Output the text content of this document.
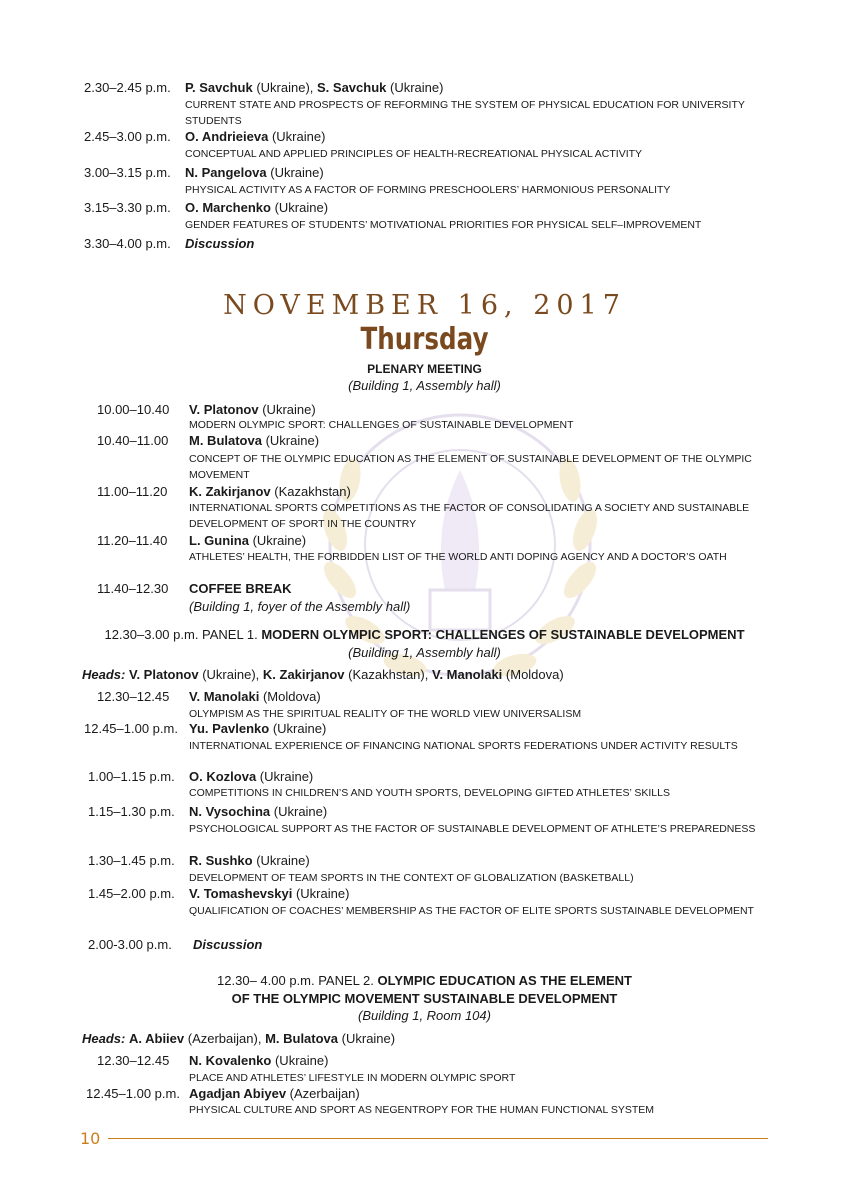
2.30–2.45 p.m. P. Savchuk (Ukraine), S. Savchuk (Ukraine)
CURRENT STATE AND PROSPECTS OF REFORMING THE SYSTEM OF PHYSICAL EDUCATION FOR UNIVERSITY STUDENTS
2.45–3.00 p.m. O. Andrieieva (Ukraine)
CONCEPTUAL AND APPLIED PRINCIPLES OF HEALTH-RECREATIONAL PHYSICAL ACTIVITY
3.00–3.15 p.m. N. Pangelova (Ukraine)
PHYSICAL ACTIVITY AS A FACTOR OF FORMING PRESCHOOLERS’ HARMONIOUS PERSONALITY
3.15–3.30 p.m. O. Marchenko (Ukraine)
GENDER FEATURES OF STUDENTS’ MOTIVATIONAL PRIORITIES FOR PHYSICAL SELF–IMPROVEMENT
3.30–4.00 p.m. Discussion
NOVEMBER 16, 2017
Thursday
PLENARY MEETING
(Building 1, Assembly hall)
10.00–10.40 V. Platonov (Ukraine)
MODERN OLYMPIC SPORT: CHALLENGES OF SUSTAINABLE DEVELOPMENT
10.40–11.00 M. Bulatova (Ukraine)
CONCEPT OF THE OLYMPIC EDUCATION AS THE ELEMENT OF SUSTAINABLE DEVELOPMENT OF THE OLYMPIC MOVEMENT
11.00–11.20 K. Zakirjanov (Kazakhstan)
INTERNATIONAL SPORTS COMPETITIONS AS THE FACTOR OF CONSOLIDATING A SOCIETY AND SUSTAINABLE DEVELOPMENT OF SPORT IN THE COUNTRY
11.20–11.40 L. Gunina (Ukraine)
ATHLETES’ HEALTH, THE FORBIDDEN LIST OF THE WORLD ANTI DOPING AGENCY AND A DOCTOR’S OATH
11.40–12.30 COFFEE BREAK
(Building 1, foyer of the Assembly hall)
12.30–3.00 p.m. PANEL 1. MODERN OLYMPIC SPORT: CHALLENGES OF SUSTAINABLE DEVELOPMENT
(Building 1, Assembly hall)
Heads: V. Platonov (Ukraine), K. Zakirjanov (Kazakhstan), V. Manolaki (Moldova)
12.30–12.45 V. Manolaki (Moldova)
OLYMPISM AS THE SPIRITUAL REALITY OF THE WORLD VIEW UNIVERSALISM
12.45–1.00 p.m. Yu. Pavlenko (Ukraine)
INTERNATIONAL EXPERIENCE OF FINANCING NATIONAL SPORTS FEDERATIONS UNDER ACTIVITY RESULTS
1.00–1.15 p.m. O. Kozlova (Ukraine)
COMPETITIONS IN CHILDREN’S AND YOUTH SPORTS, DEVELOPING GIFTED ATHLETES’ SKILLS
1.15–1.30 p.m. N. Vysochina (Ukraine)
PSYCHOLOGICAL SUPPORT AS THE FACTOR OF SUSTAINABLE DEVELOPMENT OF ATHLETE’S PREPAREDNESS
1.30–1.45 p.m. R. Sushko (Ukraine)
DEVELOPMENT OF TEAM SPORTS IN THE CONTEXT OF GLOBALIZATION (BASKETBALL)
1.45–2.00 p.m. V. Tomashevskyi (Ukraine)
QUALIFICATION OF COACHES’ MEMBERSHIP AS THE FACTOR OF ELITE SPORTS SUSTAINABLE DEVELOPMENT
2.00-3.00 p.m. Discussion
12.30– 4.00 p.m. PANEL 2. OLYMPIC EDUCATION AS THE ELEMENT
OF THE OLYMPIC MOVEMENT SUSTAINABLE DEVELOPMENT
(Building 1, Room 104)
Heads: A. Abiiev (Azerbaijan), M. Bulatova (Ukraine)
12.30–12.45 N. Kovalenko (Ukraine)
PLACE AND ATHLETES’ LIFESTYLE IN MODERN OLYMPIC SPORT
12.45–1.00 p.m. Agadjan Abiyev (Azerbaijan)
PHYSICAL CULTURE AND SPORT AS NEGENTROPY FOR THE HUMAN FUNCTIONAL SYSTEM
10
